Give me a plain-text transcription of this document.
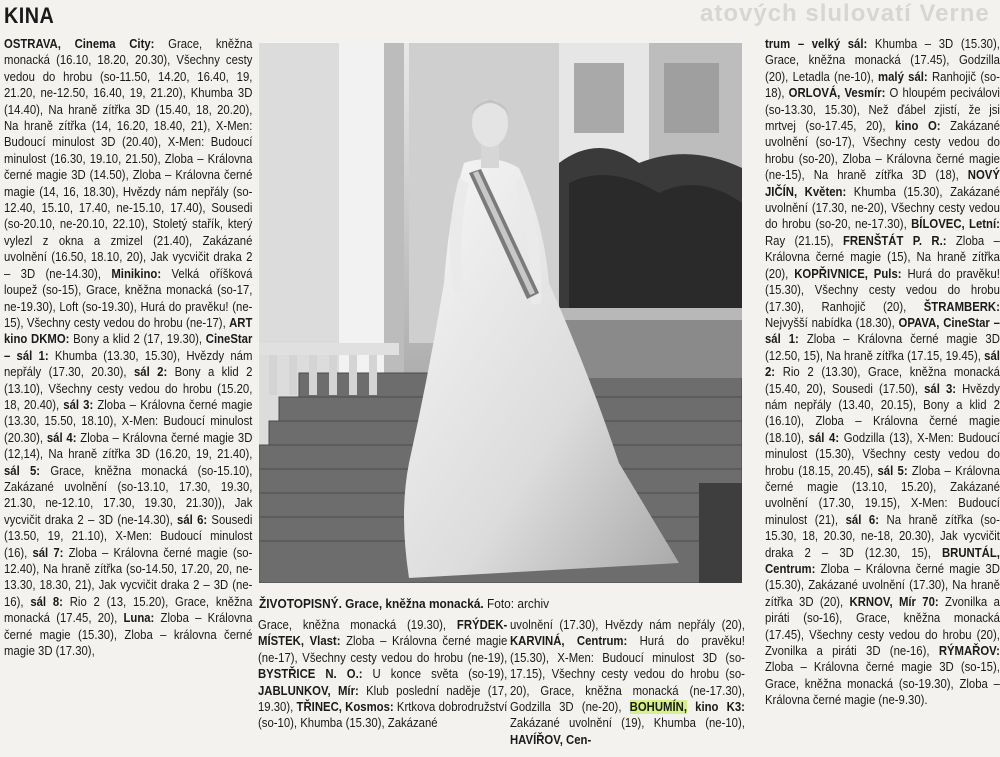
atových slulovatí Verne
KINA

OSTRAVA, Cinema City: Grace, kněžna monacká (16.10, 18.20, 20.30), Všechny cesty vedou do hrobu (so-11.50, 14.20, 16.40, 19, 21.20, ne-12.50, 16.40, 19, 21.20), Khumba 3D (14.40), Na hraně zítřka 3D (15.40, 18, 20.20), Na hraně zítřka (14, 16.20, 18.40, 21), X-Men: Budoucí minulost 3D (20.40), X-Men: Budoucí minulost (16.30, 19.10, 21.50), Zloba – Královna černé magie 3D (14.50), Zloba – Královna černé magie (14, 16, 18.30), Hvězdy nám nepřály (so-12.40, 15.10, 17.40, ne-15.10, 17.40), Sousedi (so-20.10, ne-20.10, 22.10), Stoletý stařík, který vylezl z okna a zmizel (21.40), Zakázané uvolnění (16.50, 18.10, 20), Jak vycvičit draka 2 – 3D (ne-14.30), Minikino: Velká oříšková loupež (so-15), Grace, kněžna monacká (so-17, ne-19.30), Loft (so-19.30), Hurá do pravěku! (ne-15), Všechny cesty vedou do hrobu (ne-17), ART kino DKMO: Bony a klid 2 (17, 19.30), CineStar – sál 1: Khumba (13.30, 15.30), Hvězdy nám nepřály (17.30, 20.30), sál 2: Bony a klid 2 (13.10), Všechny cesty vedou do hrobu (15.20, 18, 20.40), sál 3: Zloba – Královna černé magie (13.30, 15.50, 18.10), X-Men: Budoucí minulost (20.30), sál 4: Zloba – Královna černé magie 3D (12,14), Na hraně zítřka 3D (16.20, 19, 21.40), sál 5: Grace, kněžna monacká (so-15.10), Zakázané uvolnění (so-13.10, 17.30, 19.30, 21.30, ne-12.10, 17.30, 19.30, 21.30)), Jak vycvičit draka 2 – 3D (ne-14.30), sál 6: Sousedi (13.50, 19, 21.10), X-Men: Budoucí minulost (16), sál 7: Zloba – Královna černé magie (so-12.40), Na hraně zítřka (so-14.50, 17.20, 20, ne-13.30, 18.30, 21), Jak vycvičit draka 2 – 3D (ne-16), sál 8: Rio 2 (13, 15.20), Grace, kněžna monacká (17.45, 20), Luna: Zloba – Královna černé magie (15.30), Zloba – královna černé magie 3D (17.30),

ŽIVOTOPISNÝ. Grace, kněžna monacká. Foto: archiv

Grace, kněžna monacká (19.30), FRÝDEK-MÍSTEK, Vlast: Zloba – Královna černé magie (ne-17), Všechny cesty vedou do hrobu (ne-19), BYSTŘICE N. O.: U konce světa (so-19), JABLUNKOV, Mír: Klub poslední naděje (17, 19.30), TŘINEC, Kosmos: Krtkova dobrodružství (so-10), Khumba (15.30), Zakázané

uvolnění (17.30), Hvězdy nám nepřály (20), KARVINÁ, Centrum: Hurá do pravěku! (15.30), X-Men: Budoucí minulost 3D (so-17.15), Všechny cesty vedou do hrobu (so-20), Grace, kněžna monacká (ne-17.30), Godzilla 3D (ne-20), BOHUMÍN, kino K3: Zakázané uvolnění (19), Khumba (ne-10), HAVÍŘOV, Cen-

trum – velký sál: Khumba – 3D (15.30), Grace, kněžna monacká (17.45), Godzilla (20), Letadla (ne-10), malý sál: Ranhojič (so-18), ORLOVÁ, Vesmír: O hloupém peciválovi (so-13.30, 15.30), Než ďábel zjistí, že jsi mrtvej (so-17.45, 20), kino O: Zakázané uvolnění (so-17), Všechny cesty vedou do hrobu (so-20), Zloba – Královna černé magie (ne-15), Na hraně zítřka 3D (18), NOVÝ JIČÍN, Květen: Khumba (15.30), Zakázané uvolnění (17.30, ne-20), Všechny cesty vedou do hrobu (so-20, ne-17.30), BÍLOVEC, Letní: Ray (21.15), FRENŠTÁT P. R.: Zloba – Královna černé magie (15), Na hraně zítřka (20), KOPŘIVNICE, Puls: Hurá do pravěku! (15.30), Všechny cesty vedou do hrobu (17.30), Ranhojič (20), ŠTRAMBERK: Nejvyšší nabídka (18.30), OPAVA, CineStar – sál 1: Zloba – Královna černé magie 3D (12.50, 15), Na hraně zítřka (17.15, 19.45), sál 2: Rio 2 (13.30), Grace, kněžna monacká (15.40, 20), Sousedi (17.50), sál 3: Hvězdy nám nepřály (13.40, 20.15), Bony a klid 2 (16.10), Zloba – Královna černé magie (18.10), sál 4: Godzilla (13), X-Men: Budoucí minulost (15.30), Všechny cesty vedou do hrobu (18.15, 20.45), sál 5: Zloba – Královna černé magie (13.10, 15.20), Zakázané uvolnění (17.30, 19.15), X-Men: Budoucí minulost (21), sál 6: Na hraně zítřka (so-15.30, 18, 20.30, ne-18, 20.30), Jak vycvičit draka 2 – 3D (12.30, 15), BRUNTÁL, Centrum: Zloba – Královna černé magie 3D (15.30), Zakázané uvolnění (17.30), Na hraně zítřka 3D (20), KRNOV, Mír 70: Zvonilka a piráti (so-16), Grace, kněžna monacká (17.45), Všechny cesty vedou do hrobu (20), Zvonilka a piráti 3D (ne-16), RÝMAŘOV: Zloba – Královna černé magie 3D (so-15), Grace, kněžna monacká (so-19.30), Zloba – Královna černé magie (ne-9.30).
